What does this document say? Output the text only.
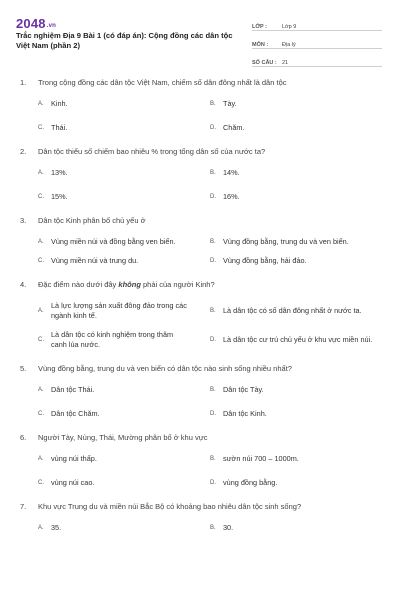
2048.vn
Trắc nghiệm Địa 9 Bài 1 (có đáp án): Cộng đồng các dân tộc Việt Nam (phần 2)
LỚP :	Lớp 9
MÔN :	Địa lý
SỐ CÂU : 21
1. Trong cộng đồng các dân tộc Việt Nam, chiếm số dân đông nhất là dân tộc
A. Kinh.	B. Tày.
C. Thái.	D. Chăm.
2. Dân tộc thiểu số chiếm bao nhiêu % trong tổng dân số của nước ta?
A. 13%.	B. 14%.
C. 15%.	D. 16%.
3. Dân tộc Kinh phân bố chủ yếu ở
A. Vùng miền núi và đồng bằng ven biển.	B. Vùng đồng bằng, trung du và ven biển.
C. Vùng miền núi và trung du.	D. Vùng đồng bằng, hải đảo.
4. Đặc điểm nào dưới đây không phải của người Kinh?
A.
Là lực lượng sản xuất đông đảo trong các ngành kinh tế.	B. Là dân tộc có số dân đông nhất ở nước ta.
C.
Là dân tộc có kinh nghiệm trong thâm canh lúa nước.	D. Là dân tộc cư trú chủ yếu ở khu vực miền núi.
5. Vùng đồng bằng, trung du và ven biển có dân tộc nào sinh sống nhiều nhất?
A. Dân tộc Thái.	B. Dân tộc Tày.
C. Dân tộc Chăm.	D. Dân tộc Kinh.
6. Người Tày, Nùng, Thái, Mường phân bố ở khu vực
A. vùng núi thấp.	B. sườn núi 700 – 1000m.
C. vùng núi cao.	D. vùng đồng bằng.
7. Khu vực Trung du và miền núi Bắc Bộ có khoảng bao nhiêu dân tộc sinh sống?
A. 35.	B. 30.
